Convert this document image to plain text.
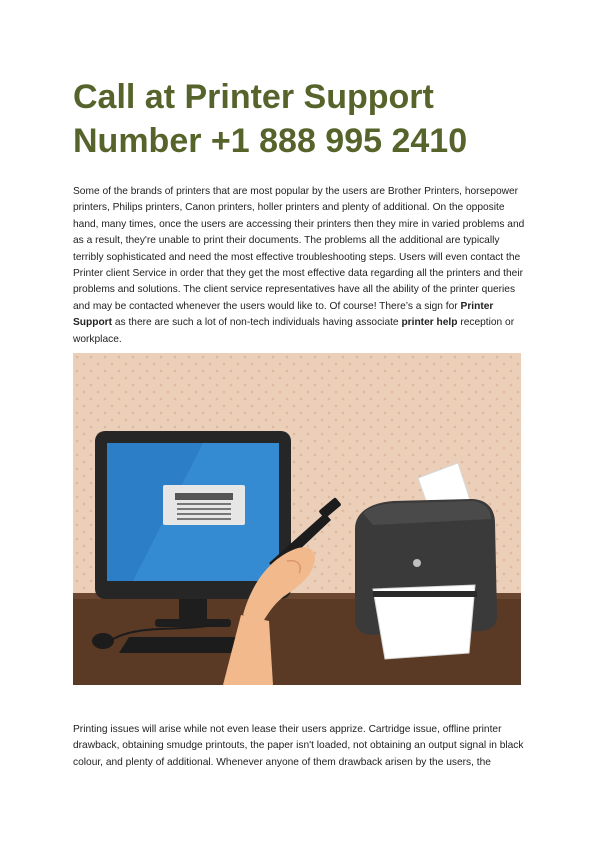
Call at Printer Support Number +1 888 995 2410

Some of the brands of printers that are most popular by the users are Brother Printers, horsepower printers, Philips printers, Canon printers, holler printers and plenty of additional. On the opposite hand, many times, once the users are accessing their printers then they mire in varied problems and as a result, they're unable to print their documents. The problems all the additional are typically terribly sophisticated and need the most effective troubleshooting steps. Users will even contact the Printer client Service in order that they get the most effective data regarding all the printers and their problems and solutions. The client service representatives have all the ability of the printer queries and may be contacted whenever the users would like to. Of course! There’s a sign for Printer Support as there are such a lot of non-tech individuals having associate printer help reception or workplace.

Printing issues will arise while not even lease their users apprize. Cartridge issue, offline printer drawback, obtaining smudge printouts, the paper isn't loaded, not obtaining an output signal in black colour, and plenty of additional. Whenever anyone of them drawback arisen by the users, the
